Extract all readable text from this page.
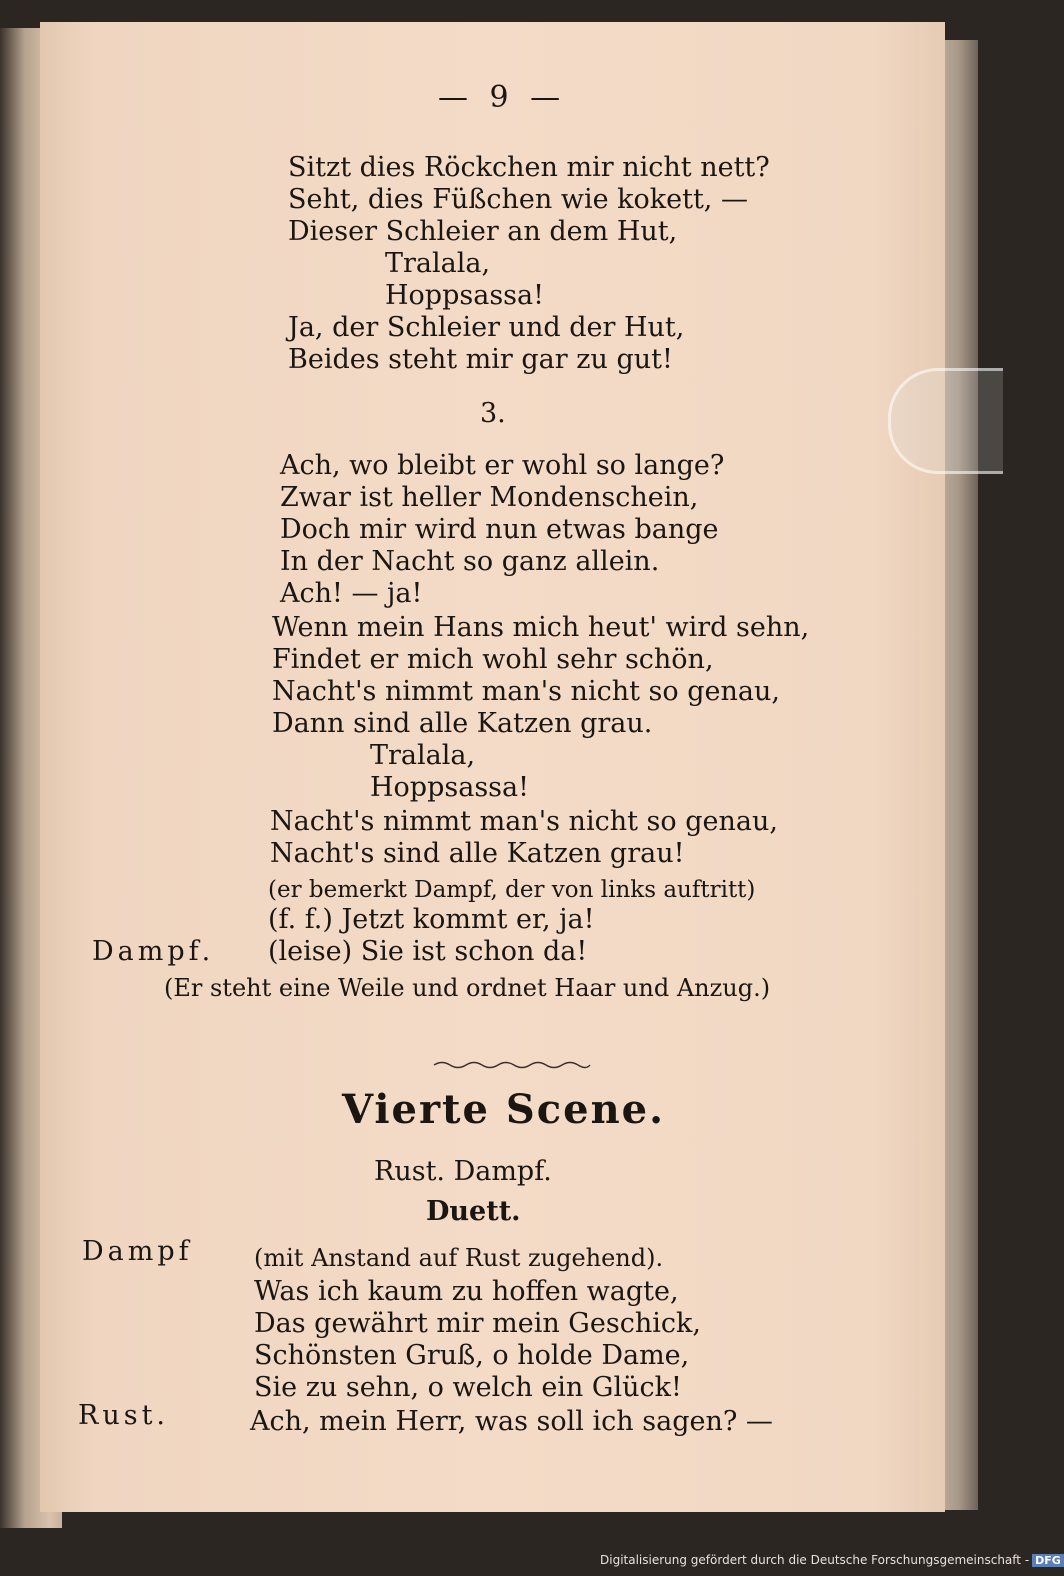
— 9 —
Sitzt dies Röckchen mir nicht nett?
Seht, dies Füßchen wie kokett, —
Dieser Schleier an dem Hut,
Tralala,
Hoppsassa!
Ja, der Schleier und der Hut,
Beides steht mir gar zu gut!
3.
Ach, wo bleibt er wohl so lange?
Zwar ist heller Mondenschein,
Doch mir wird nun etwas bange
In der Nacht so ganz allein.
Ach! — ja!
Wenn mein Hans mich heut' wird sehn,
Findet er mich wohl sehr schön,
Nacht's nimmt man's nicht so genau,
Dann sind alle Katzen grau.
Tralala,
Hoppsassa!
Nacht's nimmt man's nicht so genau,
Nacht's sind alle Katzen grau!
(er bemerkt Dampf, der von links auftritt)
(f. f.) Jetzt kommt er, ja!
Dampf. (leise) Sie ist schon da!
(Er steht eine Weile und ordnet Haar und Anzug.)
Vierte Scene.
Rust. Dampf.
Duett.
Dampf	(mit Anstand auf Rust zugehend).
Was ich kaum zu hoffen wagte,
Das gewährt mir mein Geschick,
Schönsten Gruß, o holde Dame,
Sie zu sehn, o welch ein Glück!
Rust.	Ach, mein Herr, was soll ich sagen? —
Digitalisierung gefördert durch die Deutsche Forschungsgemeinschaft - DFG
